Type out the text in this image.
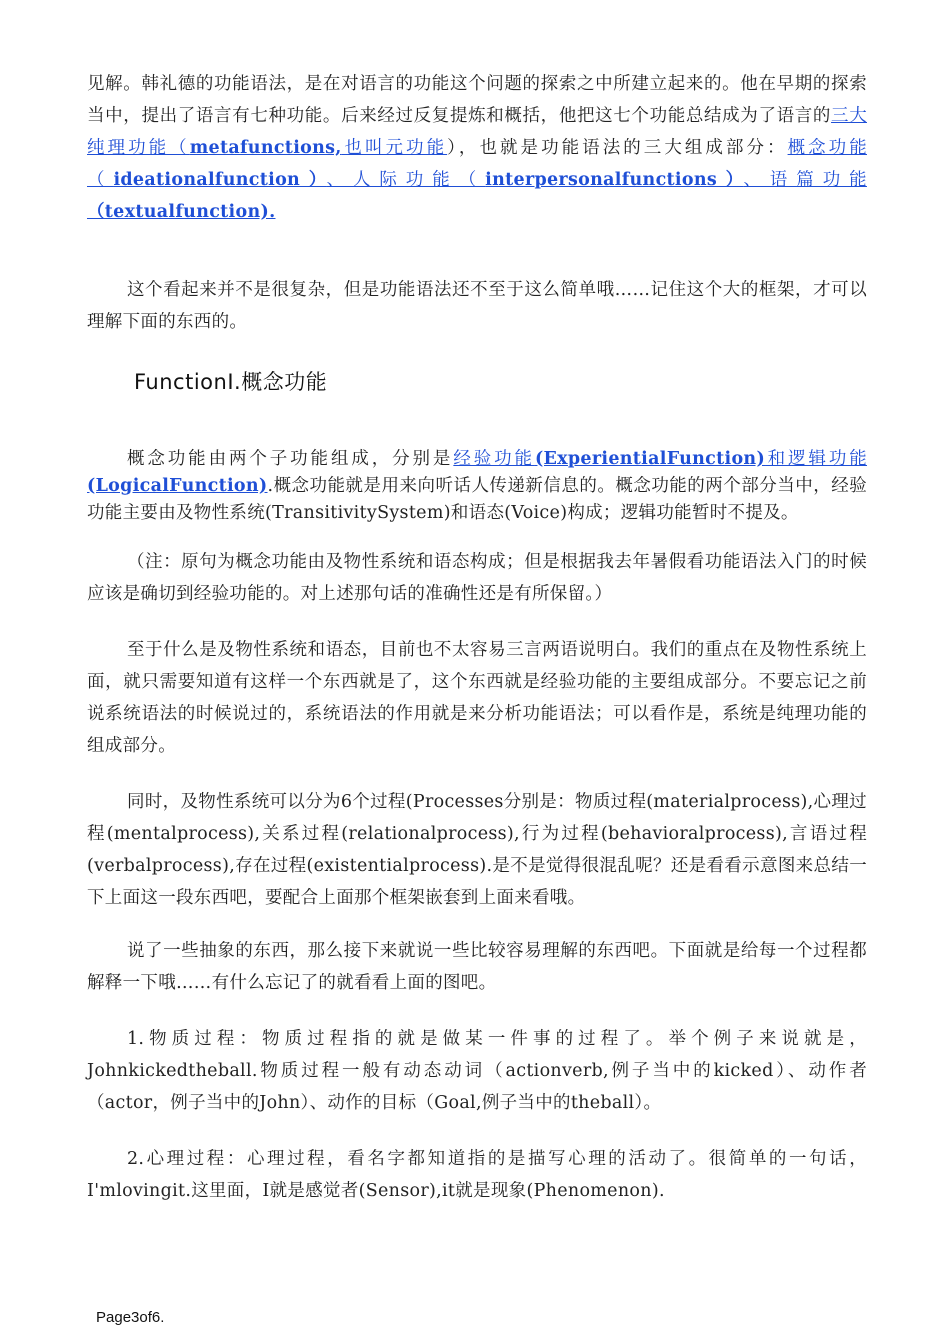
见解。韩礼德的功能语法，是在对语言的功能这个问题的探索之中所建立起来的。他在早期的探索当中，提出了语言有七种功能。后来经过反复提炼和概括，他把这七个功能总结成为了语言的三大纯理功能（metafunctions,也叫元功能），也就是功能语法的三大组成部分：概念功能（ideationalfunction）、人际功能（interpersonalfunctions）、语篇功能（textualfunction).
这个看起来并不是很复杂，但是功能语法还不至于这么简单哦……记住这个大的框架，才可以理解下面的东西的。
FunctionI.概念功能
概念功能由两个子功能组成，分别是经验功能(ExperientialFunction)和逻辑功能(LogicalFunction).概念功能就是用来向听话人传递新信息的。概念功能的两个部分当中，经验功能主要由及物性系统(TransitivitySystem)和语态(Voice)构成；逻辑功能暂时不提及。
（注：原句为概念功能由及物性系统和语态构成；但是根据我去年暑假看功能语法入门的时候应该是确切到经验功能的。对上述那句话的准确性还是有所保留。）
至于什么是及物性系统和语态，目前也不太容易三言两语说明白。我们的重点在及物性系统上面，就只需要知道有这样一个东西就是了，这个东西就是经验功能的主要组成部分。不要忘记之前说系统语法的时候说过的，系统语法的作用就是来分析功能语法；可以看作是，系统是纯理功能的组成部分。
同时，及物性系统可以分为6个过程(Processes分别是：物质过程(materialprocess),心理过程(mentalprocess),关系过程(relationalprocess),行为过程(behavioralprocess),言语过程(verbalprocess),存在过程(existentialprocess).是不是觉得很混乱呢？还是看看示意图来总结一下上面这一段东西吧，要配合上面那个框架嵌套到上面来看哦。
说了一些抽象的东西，那么接下来就说一些比较容易理解的东西吧。下面就是给每一个过程都解释一下哦……有什么忘记了的就看看上面的图吧。
1.物质过程：物质过程指的就是做某一件事的过程了。举个例子来说就是，Johnkickedtheball.物质过程一般有动态动词（actionverb,例子当中的kicked）、动作者（actor，例子当中的John）、动作的目标（Goal,例子当中的theball）。
2.心理过程：心理过程，看名字都知道指的是描写心理的活动了。很简单的一句话，I'mlovingit.这里面，I就是感觉者(Sensor),it就是现象(Phenomenon).
Page3of6.
